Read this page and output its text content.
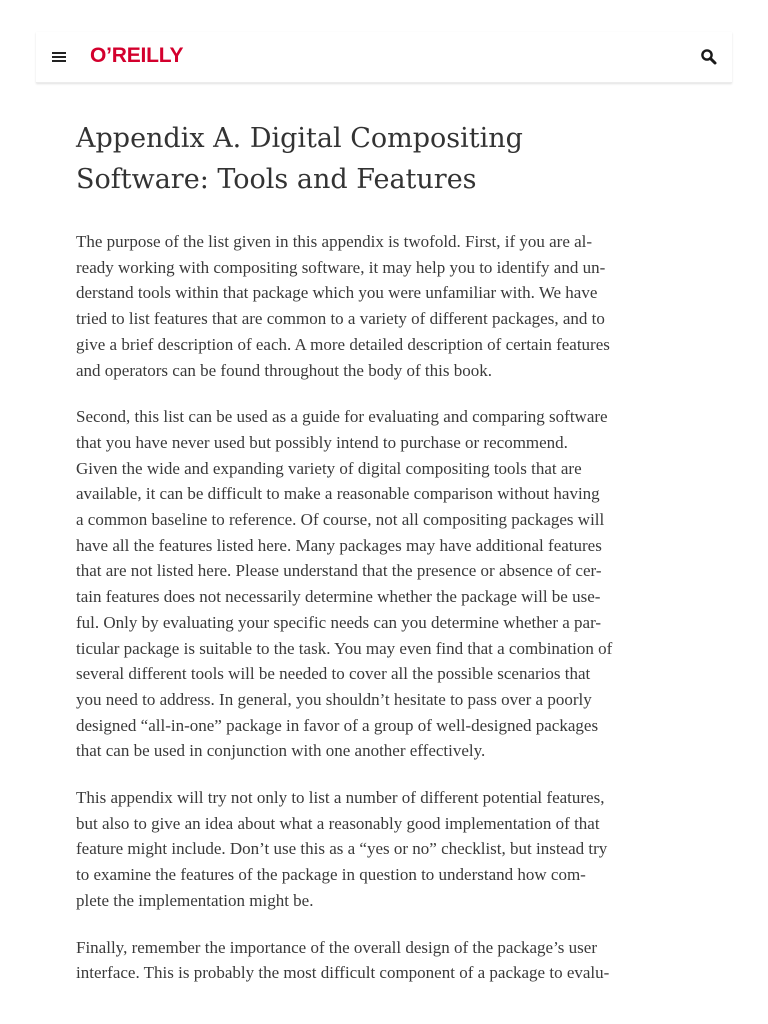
O’REILLY
Appendix A. Digital Compositing
Software: Tools and Features

The purpose of the list given in this appendix is twofold. First, if you are al-
ready working with compositing software, it may help you to identify and un-
derstand tools within that package which you were unfamiliar with. We have
tried to list features that are common to a variety of different packages, and to
give a brief description of each. A more detailed description of certain features
and operators can be found throughout the body of this book.

Second, this list can be used as a guide for evaluating and comparing software
that you have never used but possibly intend to purchase or recommend.
Given the wide and expanding variety of digital compositing tools that are
available, it can be difficult to make a reasonable comparison without having
a common baseline to reference. Of course, not all compositing packages will
have all the features listed here. Many packages may have additional features
that are not listed here. Please understand that the presence or absence of cer-
tain features does not necessarily determine whether the package will be use-
ful. Only by evaluating your specific needs can you determine whether a par-
ticular package is suitable to the task. You may even find that a combination of
several different tools will be needed to cover all the possible scenarios that
you need to address. In general, you shouldn’t hesitate to pass over a poorly
designed “all-in-one” package in favor of a group of well-designed packages
that can be used in conjunction with one another effectively.

This appendix will try not only to list a number of different potential features,
but also to give an idea about what a reasonably good implementation of that
feature might include. Don’t use this as a “yes or no” checklist, but instead try
to examine the features of the package in question to understand how com-
plete the implementation might be.

Finally, remember the importance of the overall design of the package’s user
interface. This is probably the most difficult component of a package to evalu-
